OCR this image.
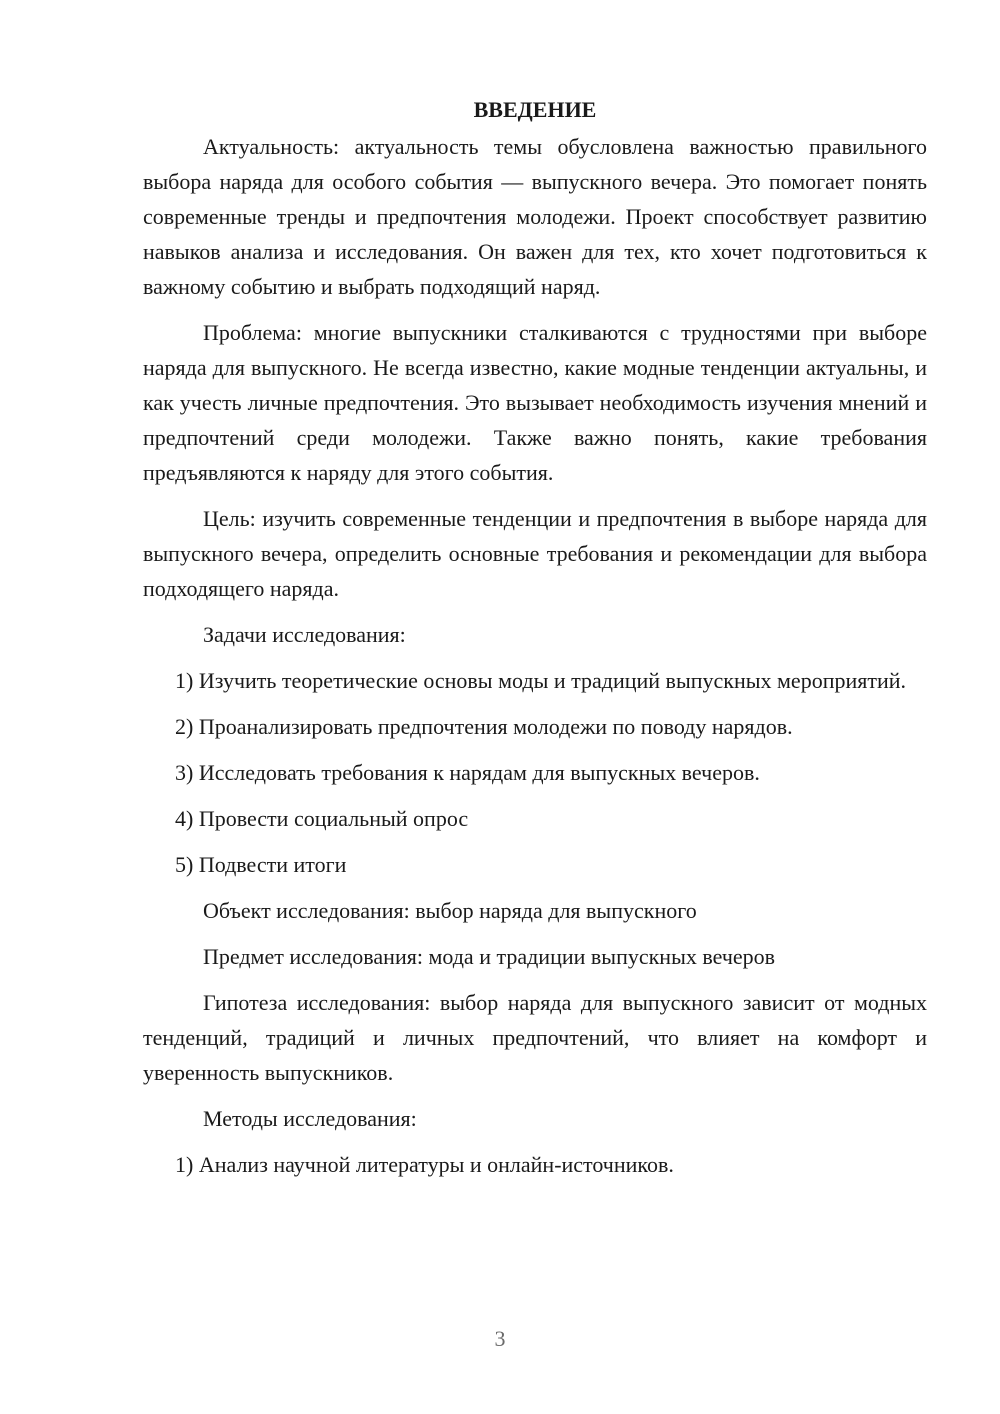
ВВЕДЕНИЕ

Актуальность: актуальность темы обусловлена важностью правильного выбора наряда для особого события — выпускного вечера. Это помогает понять современные тренды и предпочтения молодежи. Проект способствует развитию навыков анализа и исследования. Он важен для тех, кто хочет подготовиться к важному событию и выбрать подходящий наряд.

Проблема: многие выпускники сталкиваются с трудностями при выборе наряда для выпускного. Не всегда известно, какие модные тенденции актуальны, и как учесть личные предпочтения. Это вызывает необходимость изучения мнений и предпочтений среди молодежи. Также важно понять, какие требования предъявляются к наряду для этого события.

Цель: изучить современные тенденции и предпочтения в выборе наряда для выпускного вечера, определить основные требования и рекомендации для выбора подходящего наряда.

Задачи исследования:

1) Изучить теоретические основы моды и традиций выпускных мероприятий.

2) Проанализировать предпочтения молодежи по поводу нарядов.

3) Исследовать требования к нарядам для выпускных вечеров.

4) Провести социальный опрос

5) Подвести итоги

Объект исследования: выбор наряда для выпускного

Предмет исследования: мода и традиции выпускных вечеров

Гипотеза исследования: выбор наряда для выпускного зависит от модных тенденций, традиций и личных предпочтений, что влияет на комфорт и уверенность выпускников.

Методы исследования:

1) Анализ научной литературы и онлайн-источников.

3
